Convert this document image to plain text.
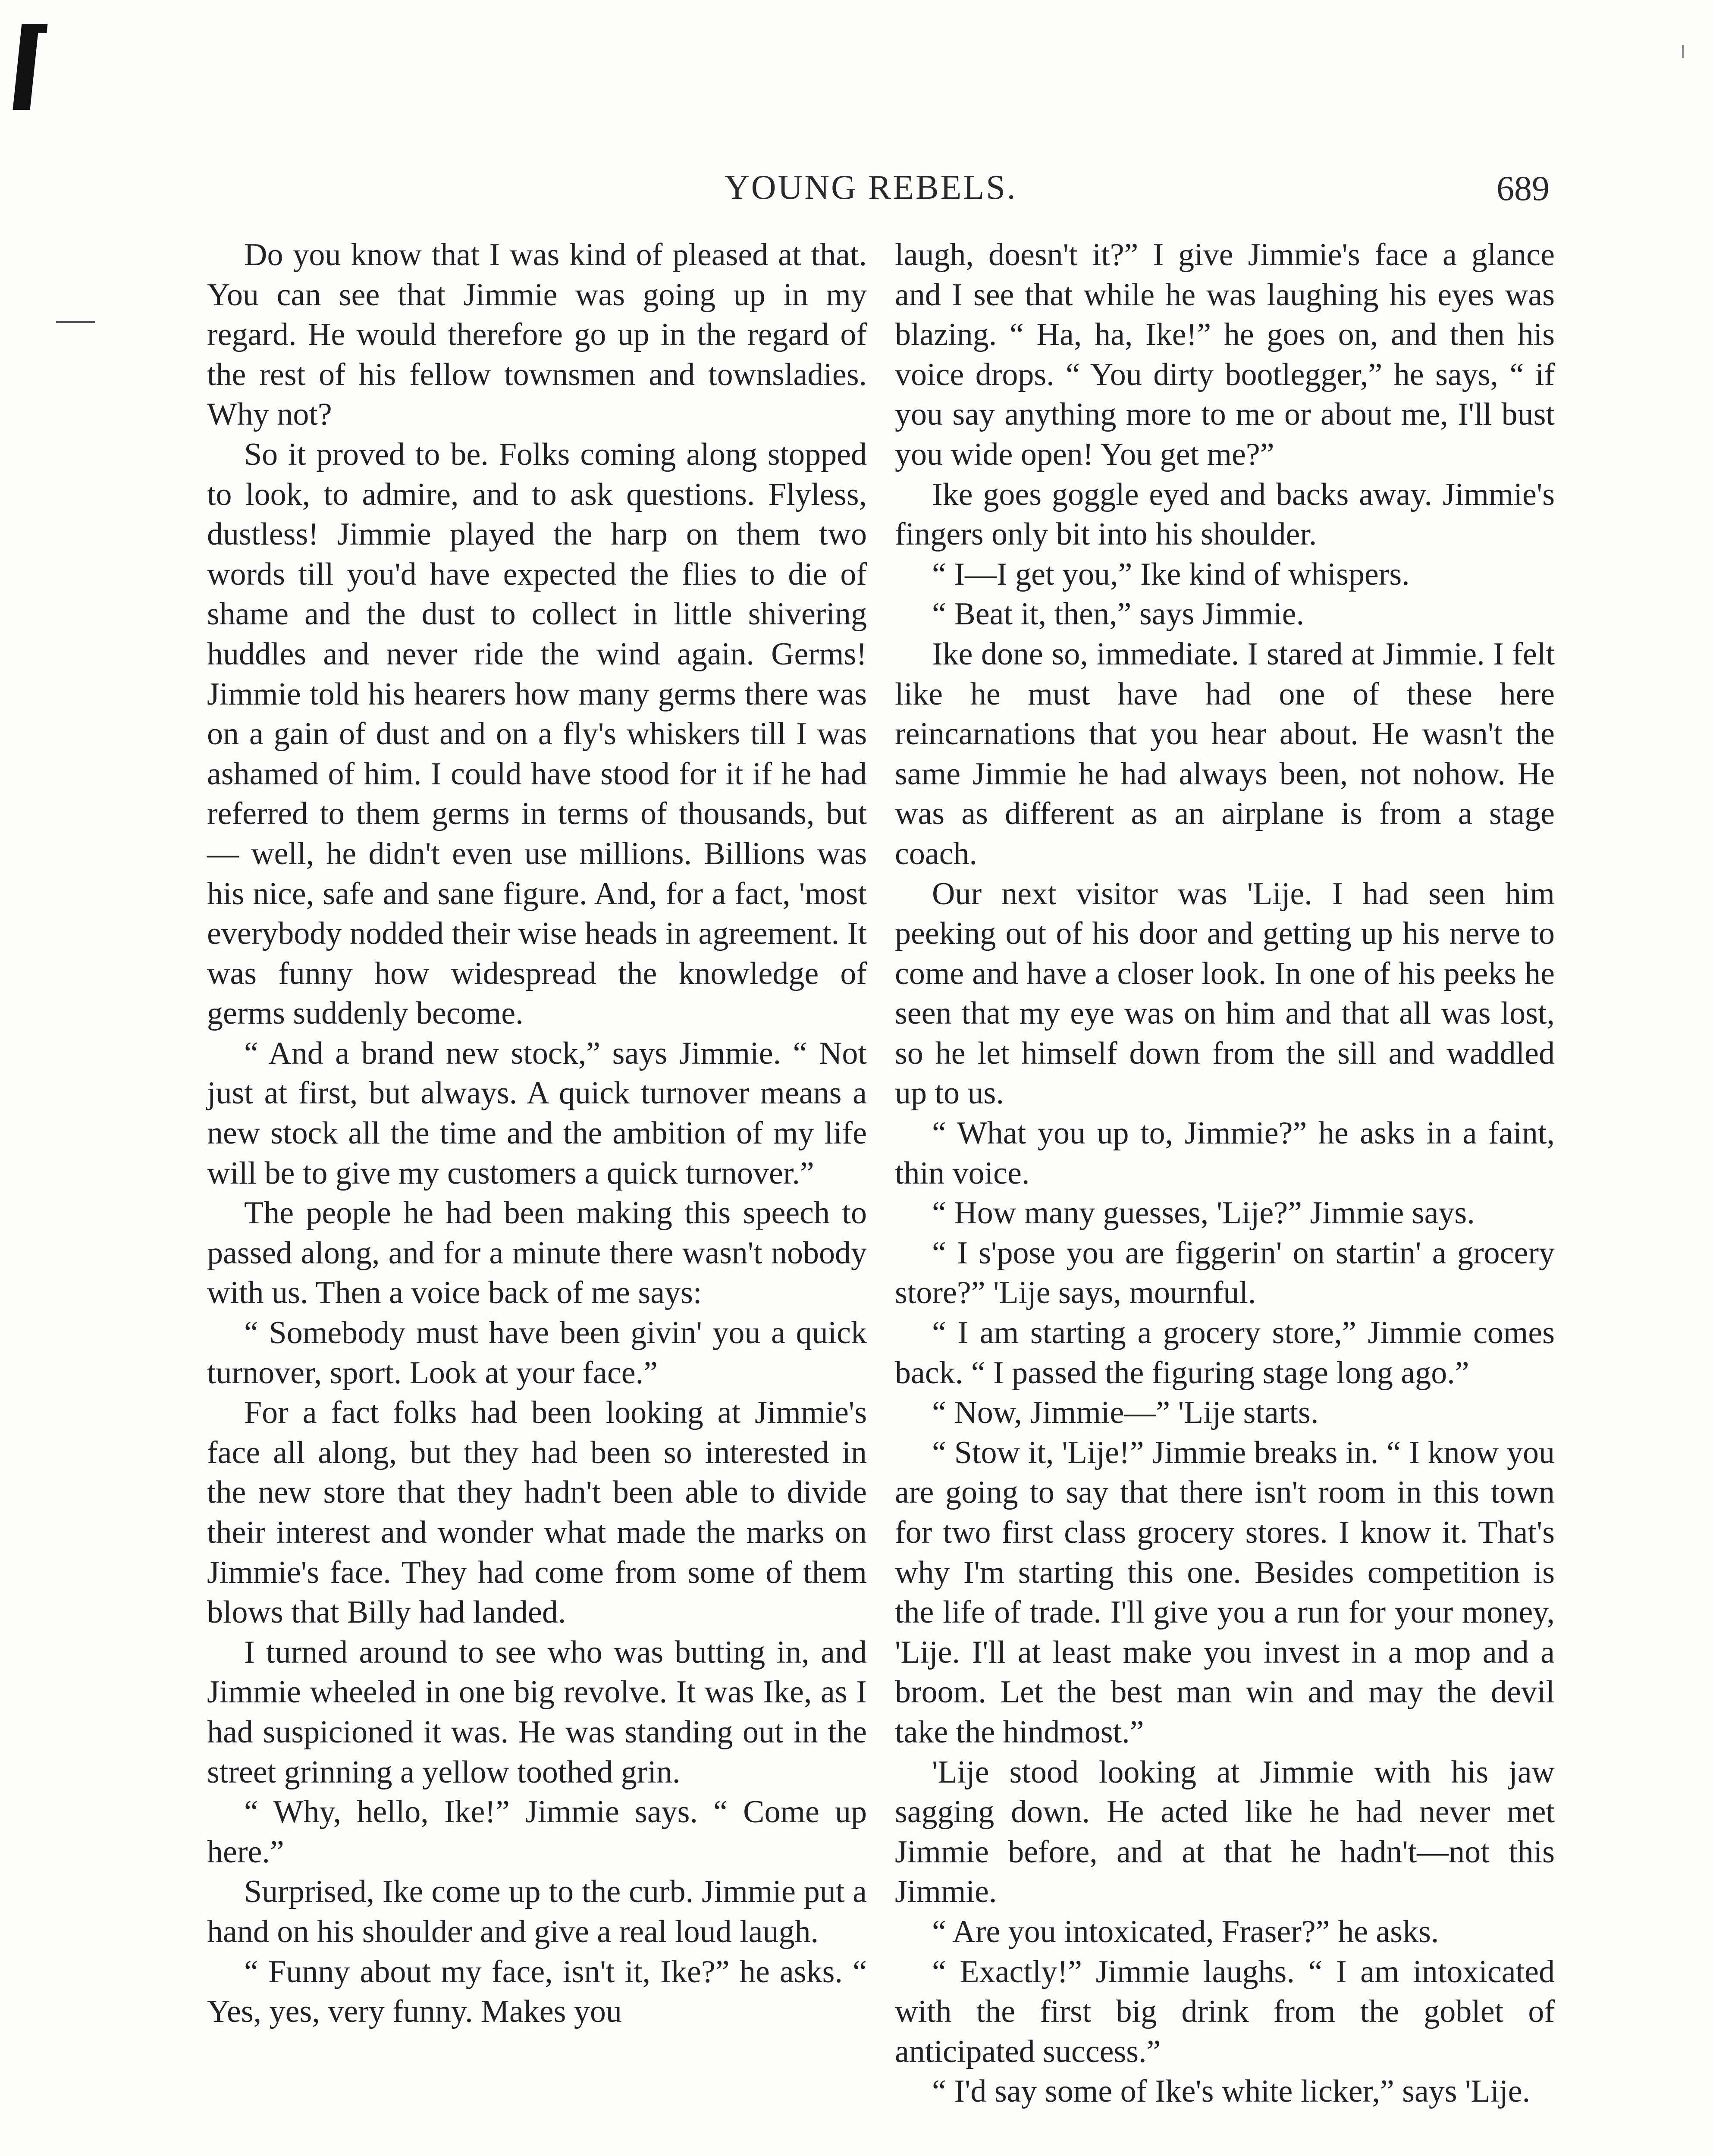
YOUNG REBELS.	689

Do you know that I was kind of pleased at that. You can see that Jimmie was going up in my regard. He would therefore go up in the regard of the rest of his fellow townsmen and townsladies. Why not?

So it proved to be. Folks coming along stopped to look, to admire, and to ask questions. Flyless, dustless! Jimmie played the harp on them two words till you'd have expected the flies to die of shame and the dust to collect in little shivering huddles and never ride the wind again. Germs! Jimmie told his hearers how many germs there was on a gain of dust and on a fly's whiskers till I was ashamed of him. I could have stood for it if he had referred to them germs in terms of thousands, but— well, he didn't even use millions. Billions was his nice, safe and sane figure. And, for a fact, 'most everybody nodded their wise heads in agreement. It was funny how widespread the knowledge of germs suddenly become.

“ And a brand new stock,” says Jimmie. “ Not just at first, but always. A quick turnover means a new stock all the time and the ambition of my life will be to give my customers a quick turnover.”

The people he had been making this speech to passed along, and for a minute there wasn't nobody with us. Then a voice back of me says:

“ Somebody must have been givin' you a quick turnover, sport. Look at your face.”

For a fact folks had been looking at Jimmie's face all along, but they had been so interested in the new store that they hadn't been able to divide their interest and wonder what made the marks on Jimmie's face. They had come from some of them blows that Billy had landed.

I turned around to see who was butting in, and Jimmie wheeled in one big revolve. It was Ike, as I had suspicioned it was. He was standing out in the street grinning a yellow toothed grin.

“ Why, hello, Ike!” Jimmie says. “ Come up here.”

Surprised, Ike come up to the curb. Jimmie put a hand on his shoulder and give a real loud laugh.

“ Funny about my face, isn't it, Ike?” he asks. “ Yes, yes, very funny. Makes you

laugh, doesn't it?” I give Jimmie's face a glance and I see that while he was laughing his eyes was blazing. “ Ha, ha, Ike!” he goes on, and then his voice drops. “ You dirty bootlegger,” he says, “ if you say anything more to me or about me, I'll bust you wide open! You get me?”

Ike goes goggle eyed and backs away. Jimmie's fingers only bit into his shoulder.

“ I—I get you,” Ike kind of whispers.

“ Beat it, then,” says Jimmie.

Ike done so, immediate. I stared at Jimmie. I felt like he must have had one of these here reincarnations that you hear about. He wasn't the same Jimmie he had always been, not nohow. He was as different as an airplane is from a stage coach.

Our next visitor was 'Lije. I had seen him peeking out of his door and getting up his nerve to come and have a closer look. In one of his peeks he seen that my eye was on him and that all was lost, so he let himself down from the sill and waddled up to us.

“ What you up to, Jimmie?” he asks in a faint, thin voice.

“ How many guesses, 'Lije?” Jimmie says.

“ I s'pose you are figgerin' on startin' a grocery store?” 'Lije says, mournful.

“ I am starting a grocery store,” Jimmie comes back. “ I passed the figuring stage long ago.”

“ Now, Jimmie—” 'Lije starts.

“ Stow it, 'Lije!” Jimmie breaks in. “ I know you are going to say that there isn't room in this town for two first class grocery stores. I know it. That's why I'm starting this one. Besides competition is the life of trade. I'll give you a run for your money, 'Lije. I'll at least make you invest in a mop and a broom. Let the best man win and may the devil take the hindmost.”

'Lije stood looking at Jimmie with his jaw sagging down. He acted like he had never met Jimmie before, and at that he hadn't—not this Jimmie.

“ Are you intoxicated, Fraser?” he asks.

“ Exactly!” Jimmie laughs. “ I am intoxicated with the first big drink from the goblet of anticipated success.”

“ I'd say some of Ike's white licker,” says 'Lije.
